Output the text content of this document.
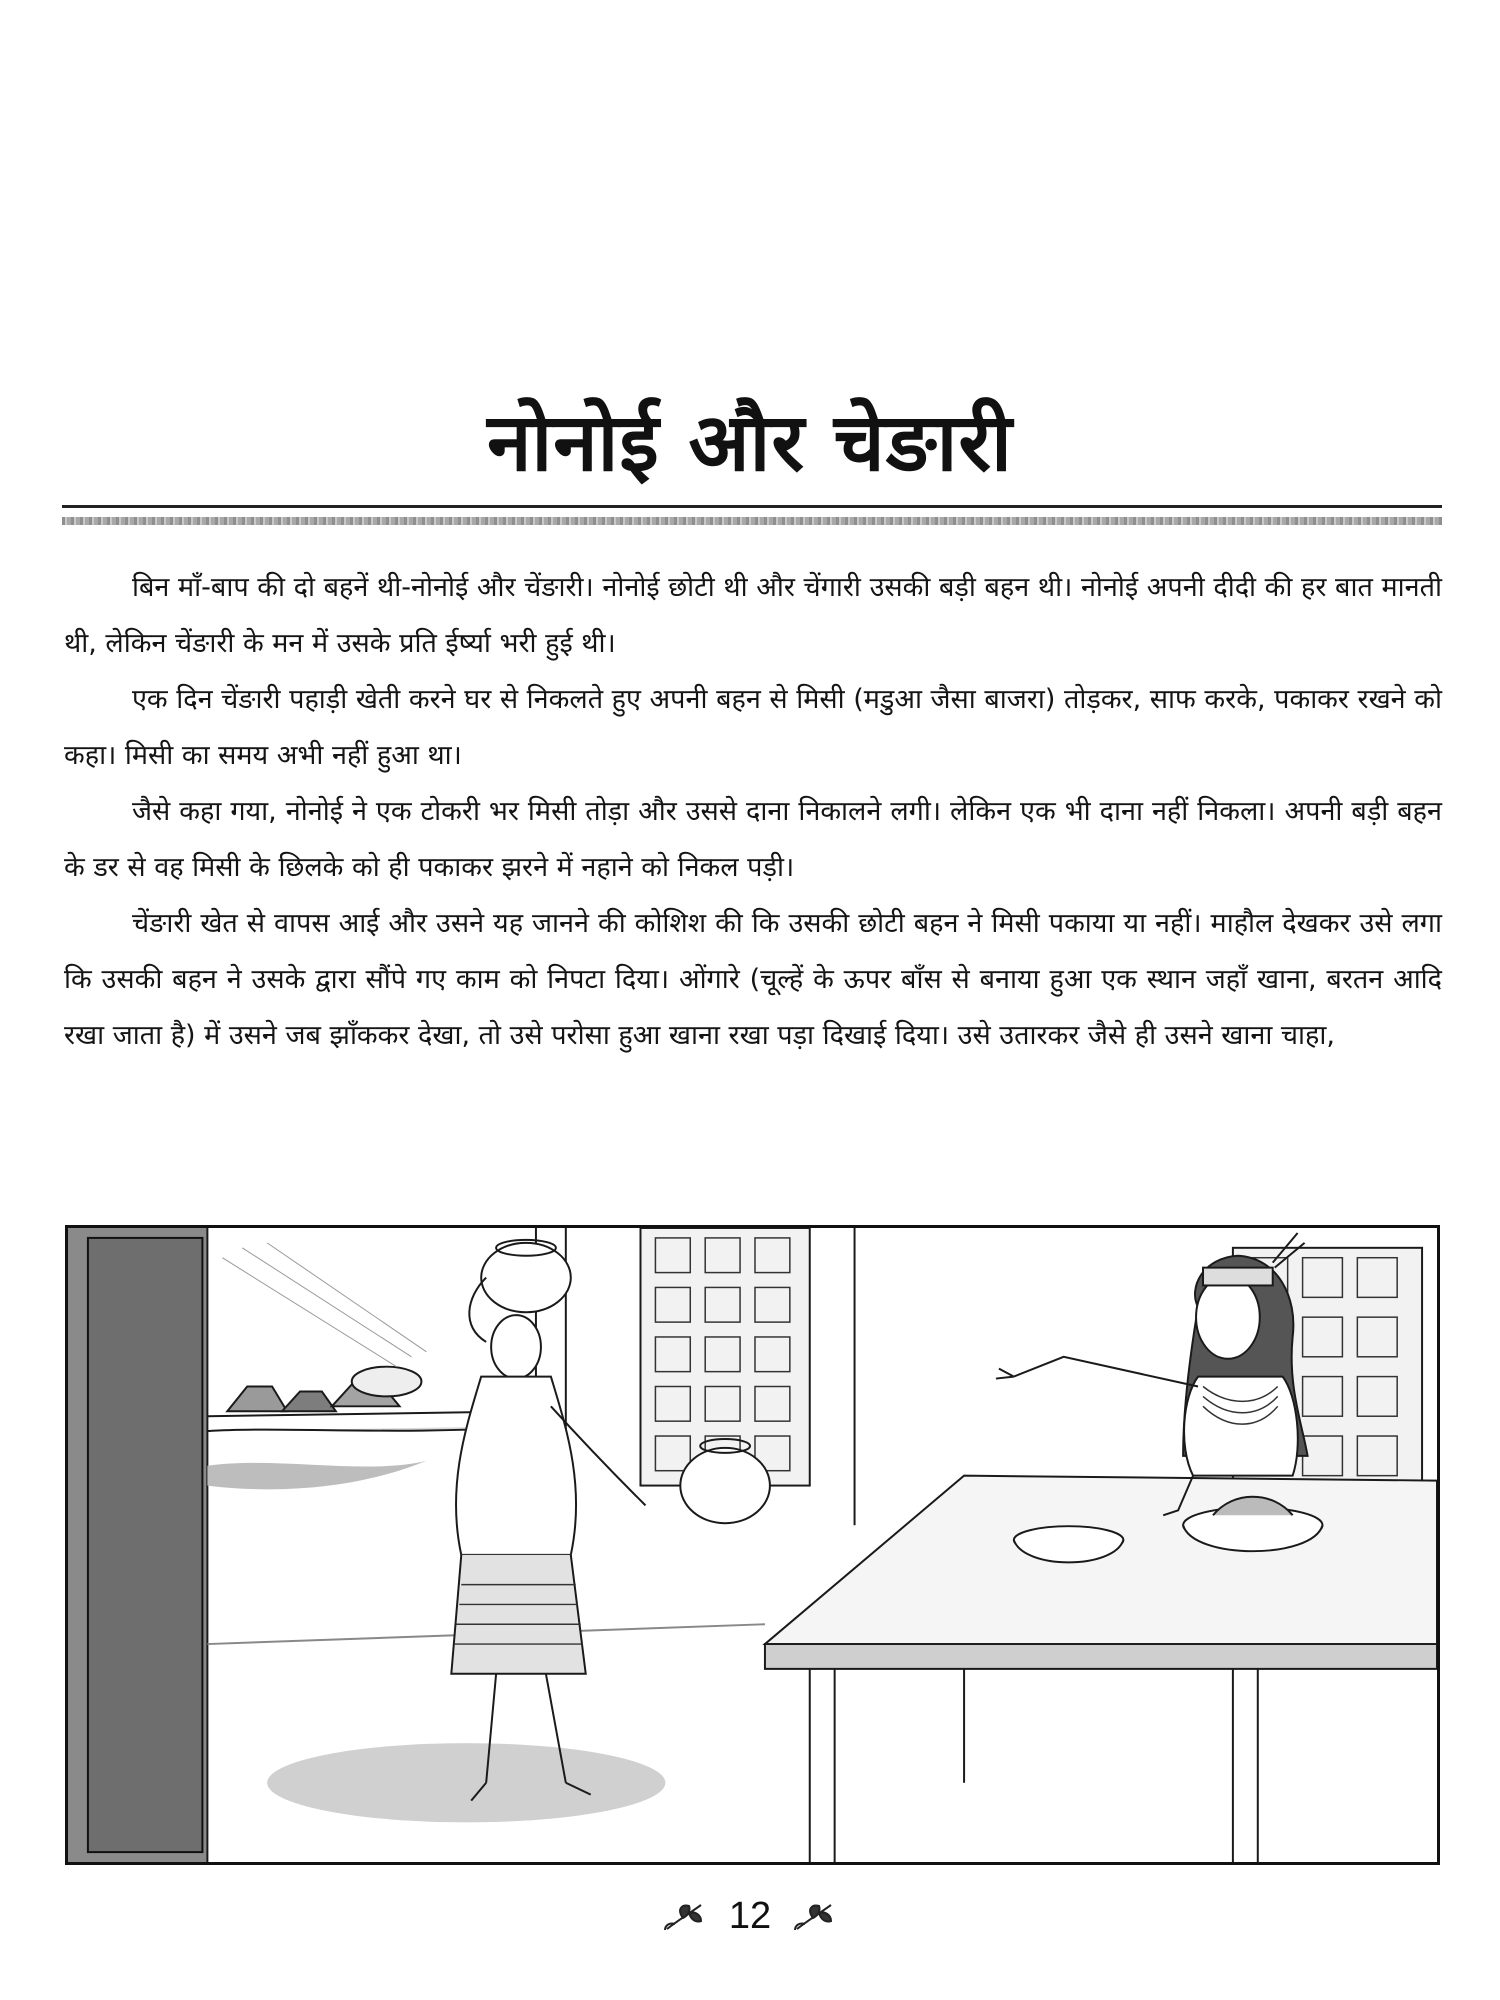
नोनोई और चेङारी

बिन माँ-बाप की दो बहनें थी-नोनोई और चेंङारी। नोनोई छोटी थी और चेंगारी उसकी बड़ी बहन थी। नोनोई अपनी दीदी की हर बात मानती थी, लेकिन चेंङारी के मन में उसके प्रति ईर्ष्या भरी हुई थी।

एक दिन चेंङारी पहाड़ी खेती करने घर से निकलते हुए अपनी बहन से मिसी (मडुआ जैसा बाजरा) तोड़कर, साफ करके, पकाकर रखने को कहा। मिसी का समय अभी नहीं हुआ था।

जैसे कहा गया, नोनोई ने एक टोकरी भर मिसी तोड़ा और उससे दाना निकालने लगी। लेकिन एक भी दाना नहीं निकला। अपनी बड़ी बहन के डर से वह मिसी के छिलके को ही पकाकर झरने में नहाने को निकल पड़ी।

चेंङारी खेत से वापस आई और उसने यह जानने की कोशिश की कि उसकी छोटी बहन ने मिसी पकाया या नहीं। माहौल देखकर उसे लगा कि उसकी बहन ने उसके द्वारा सौंपे गए काम को निपटा दिया। ओंगारे (चूल्हें के ऊपर बाँस से बनाया हुआ एक स्थान जहाँ खाना, बरतन आदि रखा जाता है) में उसने जब झाँककर देखा, तो उसे परोसा हुआ खाना रखा पड़ा दिखाई दिया। उसे उतारकर जैसे ही उसने खाना चाहा,

12
